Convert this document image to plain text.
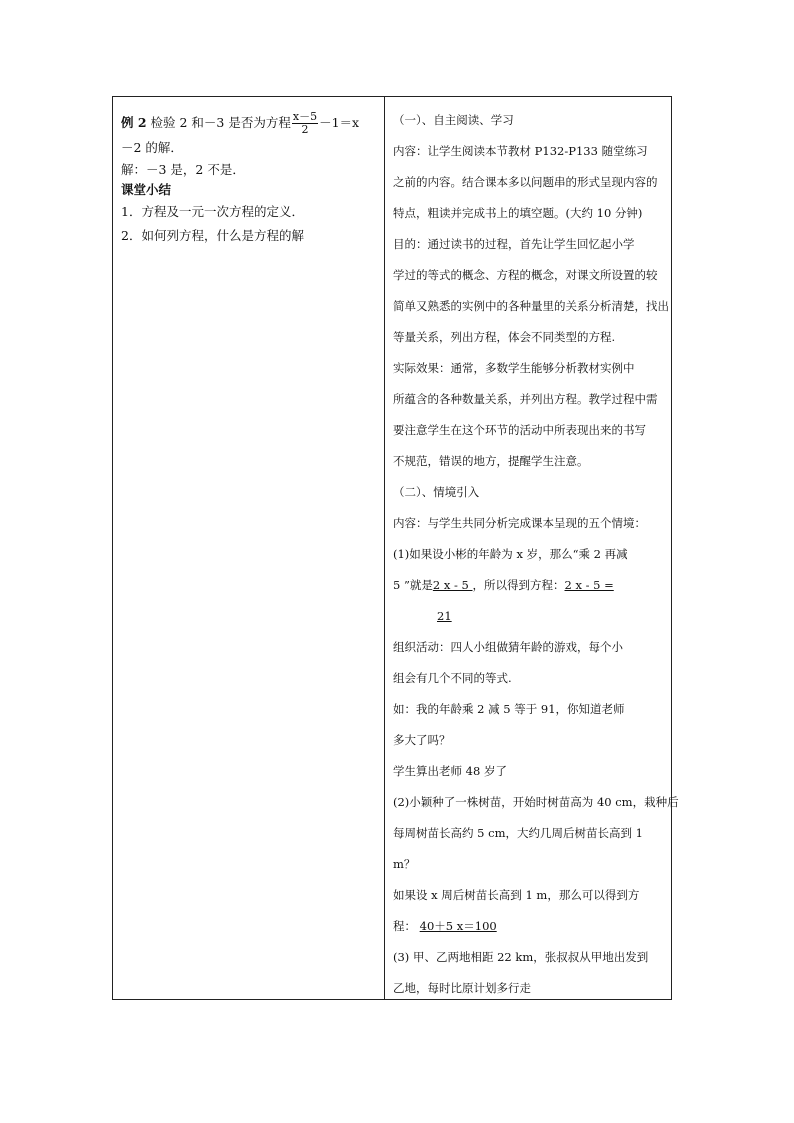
例 2 检验 2 和－3 是否为方程 $\frac{x-5}{2} -1=x$
－2 的解．
解：－3 是，2 不是．
课堂小结
1．方程及一元一次方程的定义．
2．如何列方程，什么是方程的解
（一）、自主阅读、学习
内容：让学生阅读本节教材 P132-P133 随堂练习
之前的内容。结合课本多以问题串的形式呈现内容的
特点，粗读并完成书上的填空题。(大约 10 分钟)
目的：通过读书的过程，首先让学生回忆起小学
学过的等式的概念、方程的概念，对课文所设置的较
简单又熟悉的实例中的各种量里的关系分析清楚，找出
等量关系，列出方程，体会不同类型的方程.
实际效果：通常，多数学生能够分析教材实例中
所蕴含的各种数量关系，并列出方程。教学过程中需
要注意学生在这个环节的活动中所表现出来的书写
不规范，错误的地方，提醒学生注意。
（二）、情境引入
内容：与学生共同分析完成课本呈现的五个情境：
(1)如果设小彬的年龄为 x 岁，那么“乘 2 再减
5 ”就是2 x - 5 ，所以得到方程：2 x - 5 =
21
组织活动：四人小组做猜年龄的游戏，每个小
组会有几个不同的等式.
如：我的年龄乘 2 减 5 等于 91，你知道老师
多大了吗？
学生算出老师 48 岁了
(2)小颖种了一株树苗，开始时树苗高为 40 cm，栽种后
每周树苗长高约 5 cm，大约几周后树苗长高到 1
m？
如果设 x 周后树苗长高到 1 m，那么可以得到方
程： 40＋5 x＝100
(3) 甲、乙两地相距 22 km，张叔叔从甲地出发到
乙地，每时比原计划多行走
